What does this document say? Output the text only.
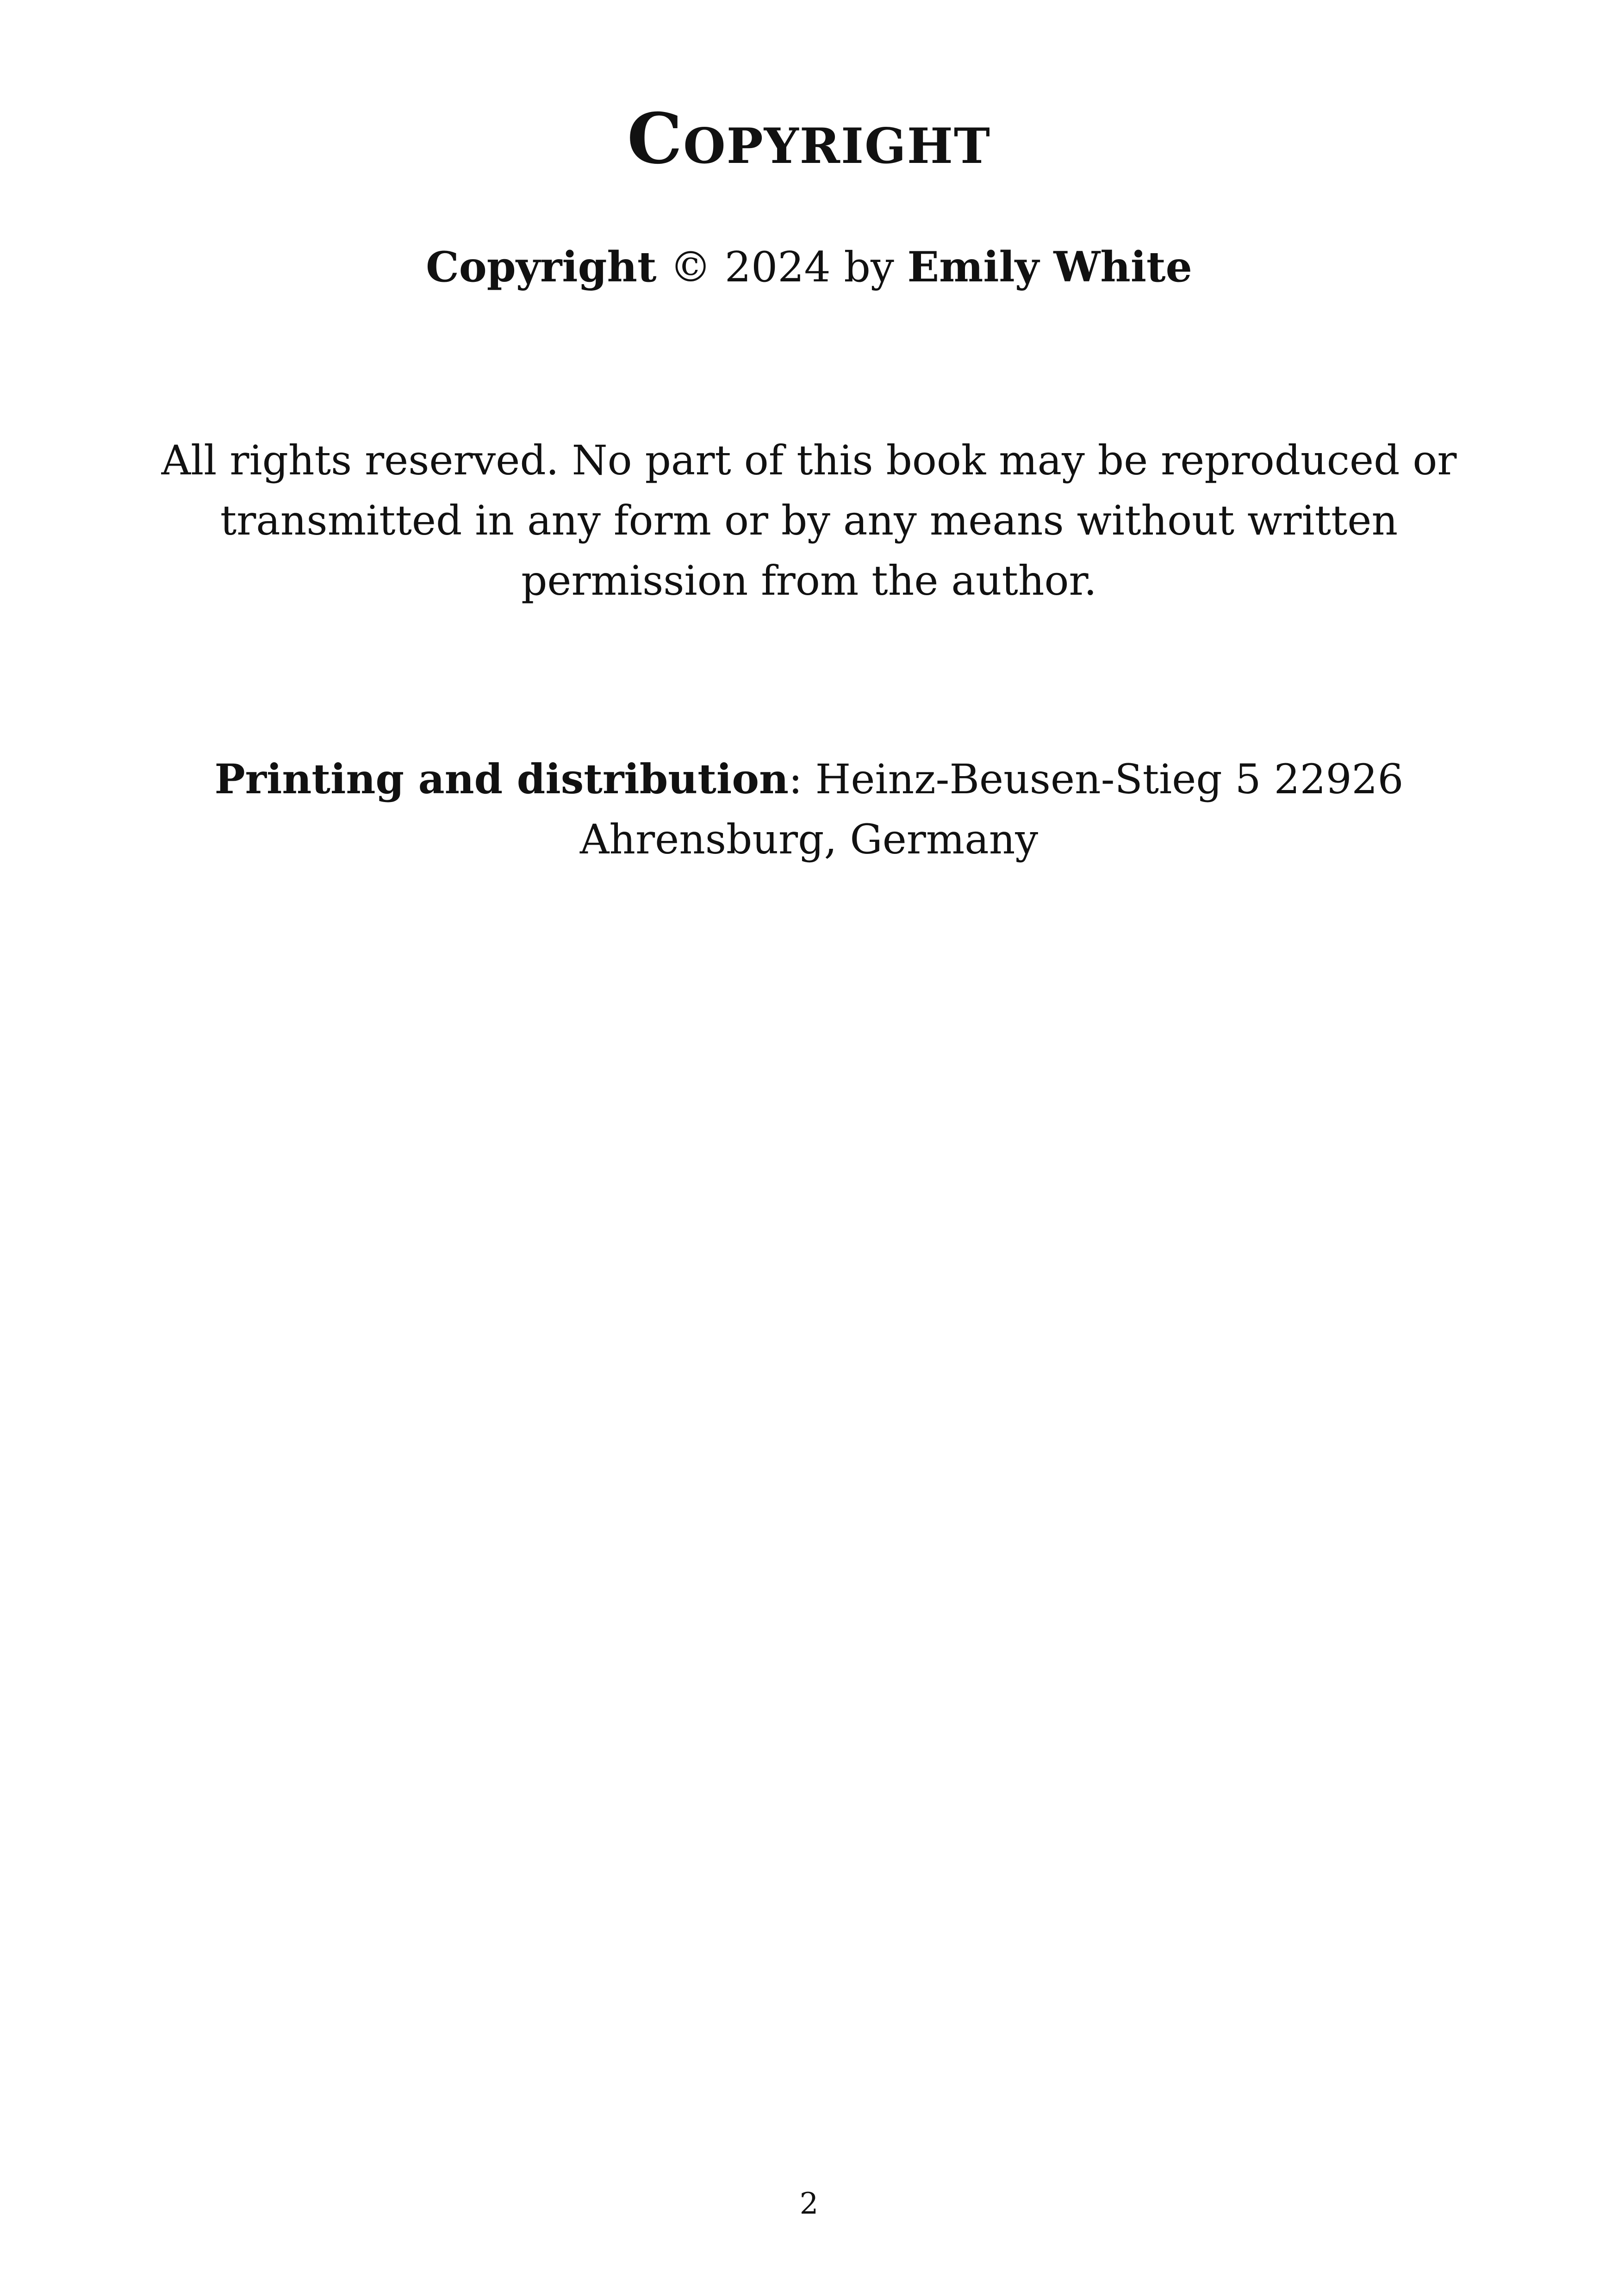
Copyright
Copyright © 2024 by Emily White
All rights reserved. No part of this book may be reproduced or transmitted in any form or by any means without written permission from the author.
Printing and distribution: Heinz-Beusen-Stieg 5 22926 Ahrensburg, Germany
2
